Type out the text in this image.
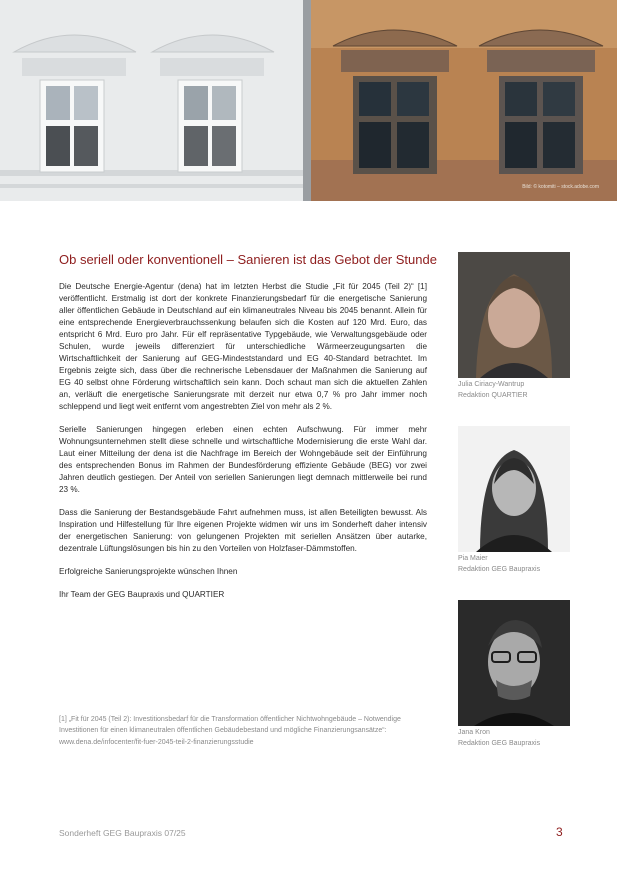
Bild: © kotomiti – stock.adobe.com
Ob seriell oder konventionell – Sanieren ist das Gebot der Stunde

Die Deutsche Energie-Agentur (dena) hat im letzten Herbst die Studie „Fit für 2045 (Teil 2)“ [1] veröffentlicht. Erstmalig ist dort der konkrete Finanzierungsbedarf für die energetische Sanierung aller öffentlichen Gebäude in Deutschland auf ein klimaneutrales Niveau bis 2045 benannt. Allein für eine entsprechende Energieverbrauchssenkung belaufen sich die Kosten auf 120 Mrd. Euro, das entspricht 6 Mrd. Euro pro Jahr. Für elf repräsentative Typgebäude, wie Verwaltungsgebäude oder Schulen, wurde jeweils differenziert für unterschiedliche Wärmeerzeugungsarten die Wirtschaftlichkeit der Sanierung auf GEG-Mindeststandard und EG 40-Standard betrachtet. Im Ergebnis zeigte sich, dass über die rechnerische Lebensdauer der Maßnahmen die Sanierung auf EG 40 selbst ohne Förderung wirtschaftlich sein kann. Doch schaut man sich die aktuellen Zahlen an, verläuft die energetische Sanierungsrate mit derzeit nur etwa 0,7 % pro Jahr immer noch schleppend und liegt weit entfernt vom angestrebten Ziel von mehr als 2 %.

Serielle Sanierungen hingegen erleben einen echten Aufschwung. Für immer mehr Wohnungsunternehmen stellt diese schnelle und wirtschaftliche Modernisierung die erste Wahl dar. Laut einer Mitteilung der dena ist die Nachfrage im Bereich der Wohngebäude seit der Einführung des entsprechenden Bonus im Rahmen der Bundesförderung effiziente Gebäude (BEG) vor zwei Jahren deutlich gestiegen. Der Anteil von seriellen Sanierungen liegt demnach mittlerweile bei rund 23 %.

Dass die Sanierung der Bestandsgebäude Fahrt aufnehmen muss, ist allen Beteiligten bewusst. Als Inspiration und Hilfestellung für Ihre eigenen Projekte widmen wir uns im Sonderheft daher intensiv der energetischen Sanierung: von gelungenen Projekten mit seriellen Ansätzen über autarke, dezentrale Lüftungslösungen bis hin zu den Vorteilen von Holzfaser-Dämmstoffen.

Erfolgreiche Sanierungsprojekte wünschen Ihnen

Ihr Team der GEG Baupraxis und QUARTIER

[1] „Fit für 2045 (Teil 2): Investitionsbedarf für die Transformation öffentlicher Nichtwohngebäude – Notwendige Investitionen für einen klimaneutralen öffentlichen Gebäudebestand und mögliche Finanzierungsansätze“: www.dena.de/infocenter/fit-fuer-2045-teil-2-finanzierungsstudie
Julia Ciriacy-Wantrup
Redaktion QUARTIER
Pia Maier
Redaktion GEG Baupraxis
Jana Kron
Redaktion GEG Baupraxis
Sonderheft GEG Baupraxis 07/25	3
